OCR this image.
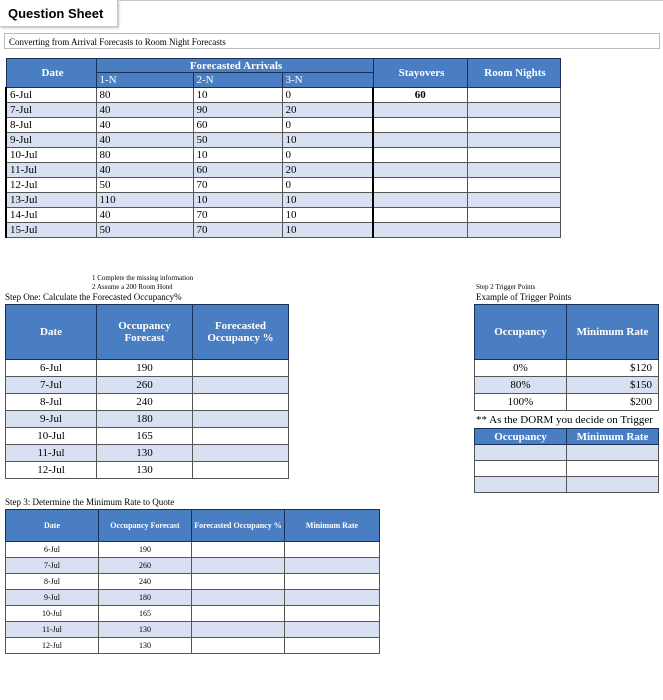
Question Sheet
Converting from Arrival Forecasts to Room Night Forecasts
Date	Forecasted Arrivals			Stayovers	Room Nights
	1-N	2-N	3-N		
6-Jul	80	10	0	60	
7-Jul	40	90	20		
8-Jul	40	60	0		
9-Jul	40	50	10		
10-Jul	80	10	0		
11-Jul	40	60	20		
12-Jul	50	70	0		
13-Jul	110	10	10		
14-Jul	40	70	10		
15-Jul	50	70	10		
1 Complete the missing information
2 Assume a 200 Room Hotel
Step One: Calculate the Forecasted Occupancy%
Step 2 Trigger Points
Example of Trigger Points
Date	Occupancy Forecast	Forecasted Occupancy %
6-Jul	190	
7-Jul	260	
8-Jul	240	
9-Jul	180	
10-Jul	165	
11-Jul	130	
12-Jul	130	
Occupancy	Minimum Rate
0%	$120
80%	$150
100%	$200
** As the DORM you decide on Trigger
Occupancy	Minimum Rate

Step 3: Determine the Minimum Rate to Quote
Date	Occupancy Forecast	Forecasted Occupancy %	Minimum Rate
6-Jul	190		
7-Jul	260		
8-Jul	240		
9-Jul	180		
10-Jul	165		
11-Jul	130		
12-Jul	130		
